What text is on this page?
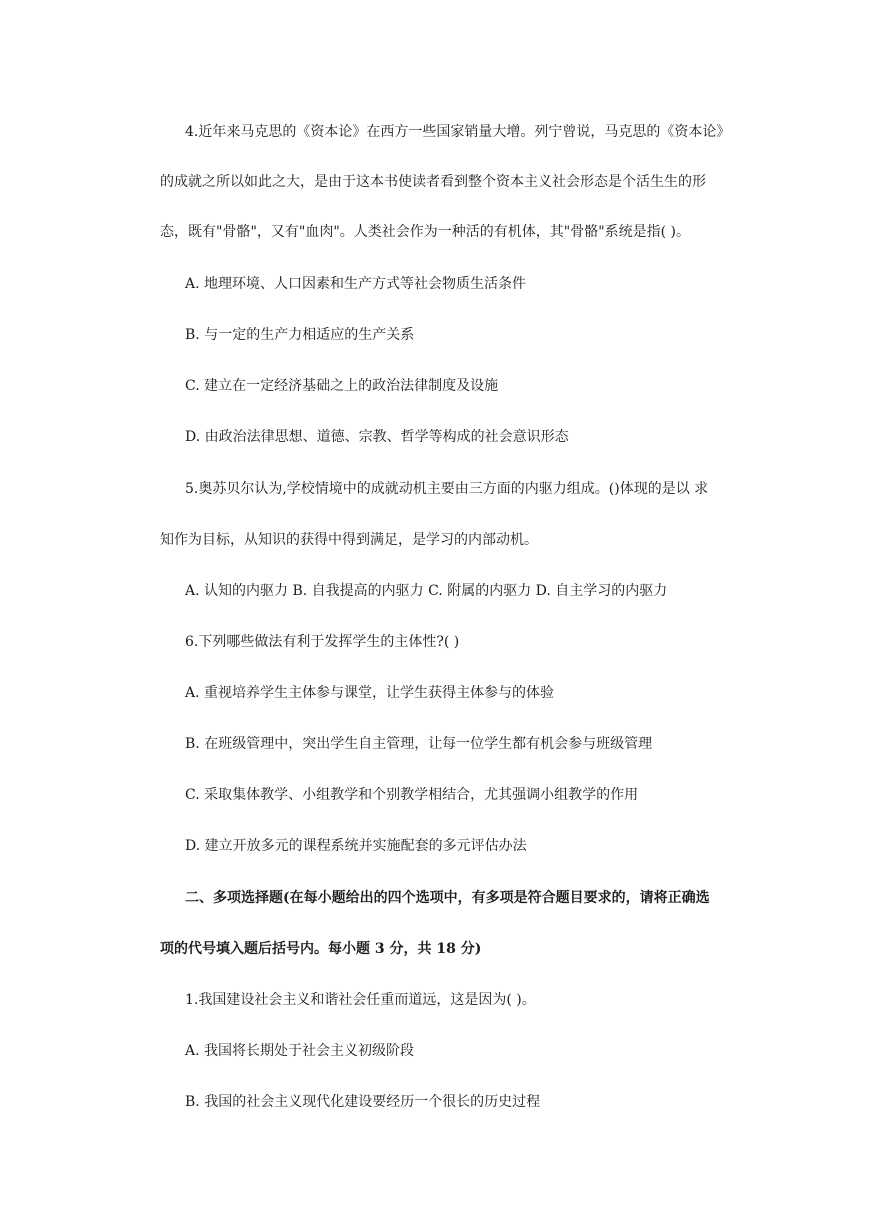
4.近年来马克思的《资本论》在西方一些国家销量大增。列宁曾说，马克思的《资本论》
的成就之所以如此之大，是由于这本书使读者看到整个资本主义社会形态是个活生生的形
态，既有"骨骼"，又有"血肉"。人类社会作为一种活的有机体，其"骨骼"系统是指( )。
A. 地理环境、人口因素和生产方式等社会物质生活条件
B. 与一定的生产力相适应的生产关系
C. 建立在一定经济基础之上的政治法律制度及设施
D. 由政治法律思想、道德、宗教、哲学等构成的社会意识形态
5.奥苏贝尔认为,学校情境中的成就动机主要由三方面的内驱力组成。()体现的是以 求
知作为目标，从知识的获得中得到满足，是学习的内部动机。
A. 认知的内驱力 B. 自我提高的内驱力 C. 附属的内驱力 D. 自主学习的内驱力
6.下列哪些做法有利于发挥学生的主体性?( )
A. 重视培养学生主体参与课堂，让学生获得主体参与的体验
B. 在班级管理中，突出学生自主管理，让每一位学生都有机会参与班级管理
C. 采取集体教学、小组教学和个别教学相结合，尤其强调小组教学的作用
D. 建立开放多元的课程系统并实施配套的多元评估办法
二、多项选择题(在每小题给出的四个选项中，有多项是符合题目要求的，请将正确选
项的代号填入题后括号内。每小题 3 分，共 18 分)
1.我国建设社会主义和谐社会任重而道远，这是因为( )。
A. 我国将长期处于社会主义初级阶段
B. 我国的社会主义现代化建设要经历一个很长的历史过程
